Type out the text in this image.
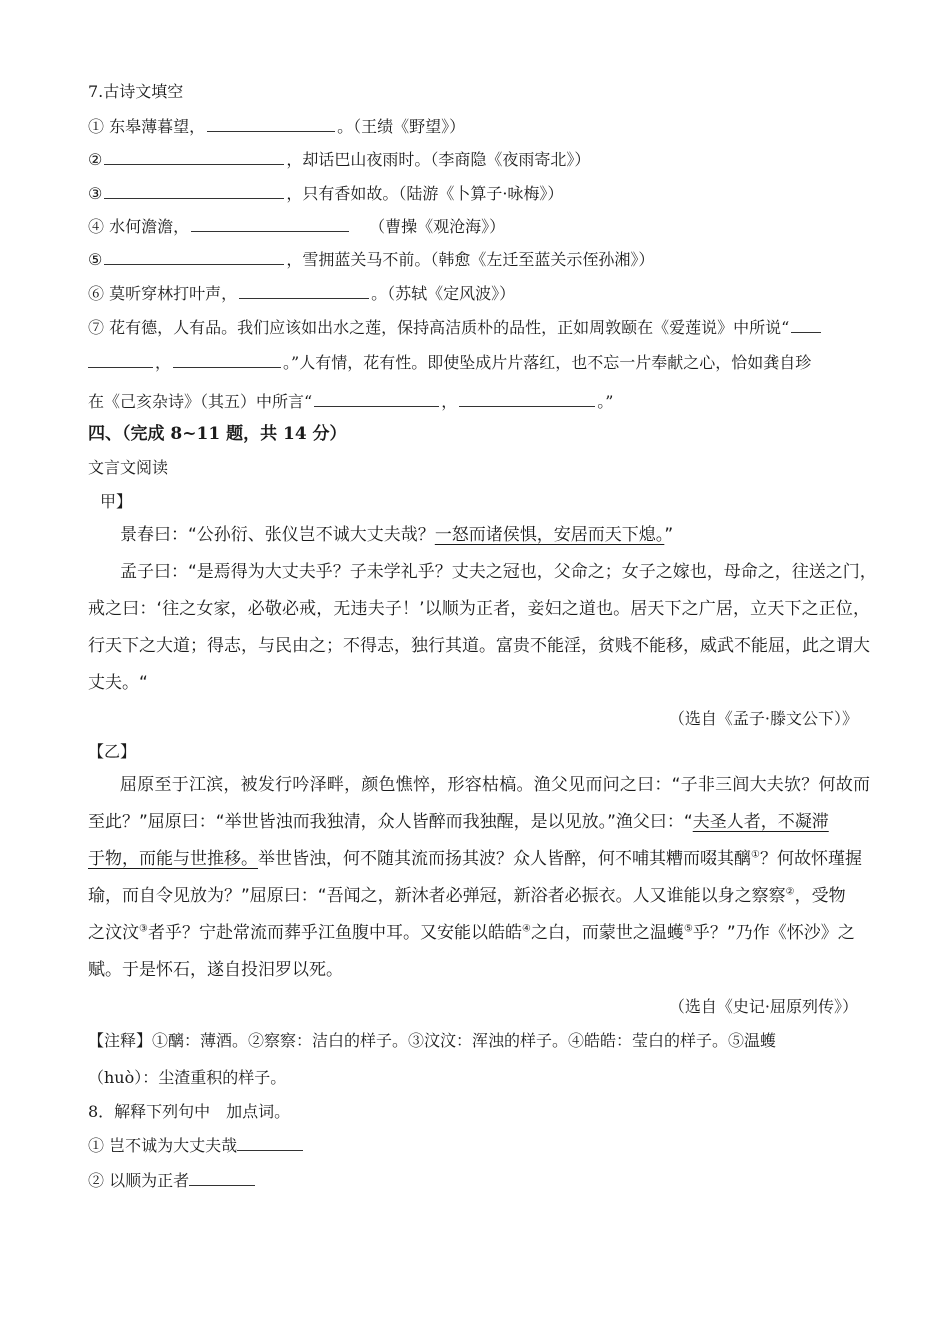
7.古诗文填空
① 东皋薄暮望，	。（王绩《野望》）
②	，却话巴山夜雨时。（李商隐《夜雨寄北》）
③	，只有香如故。（陆游《卜算子·咏梅》）
④ 水何澹澹，	（曹操《观沧海》）
⑤	，雪拥蓝关马不前。（韩愈《左迁至蓝关示侄孙湘》）
⑥ 莫听穿林打叶声，	。（苏轼《定风波》）
⑦ 花有德，人有品。我们应该如出水之莲，保持高洁质朴的品性，正如周敦颐在《爱莲说》中所说“
，	。”人有情，花有性。即使坠成片片落红，也不忘一片奉献之心，恰如龚自珍
在《己亥杂诗》（其五）中所言“	，	。”
四、（完成 8~11 题，共 14 分）
文言文阅读
甲】
景春曰：“公孙衍、张仪岂不诚大丈夫哉？一怒而诸侯惧，安居而天下熄。”
孟子曰：“是焉得为大丈夫乎？子未学礼乎？丈夫之冠也，父命之；女子之嫁也，母命之，往送之门，
戒之曰：‘往之女家，必敬必戒，无违夫子！’以顺为正者，妾妇之道也。居天下之广居，立天下之正位，
行天下之大道；得志，与民由之；不得志，独行其道。富贵不能淫，贫贱不能移，威武不能屈，此之谓大
丈夫。“
（选自《孟子·滕文公下）》
【乙】
屈原至于江滨，被发行吟泽畔，颜色憔悴，形容枯槁。渔父见而问之曰：“子非三闾大夫欤？何故而
至此？”屈原曰：“举世皆浊而我独清，众人皆醉而我独醒，是以见放。”渔父曰：“夫圣人者，不凝滞
于物，而能与世推移。举世皆浊，何不随其流而扬其波？众人皆醉，何不哺其糟而啜其醨①？何故怀瑾握
瑜，而自令见放为？”屈原曰：“吾闻之，新沐者必弹冠，新浴者必振衣。人又谁能以身之察察②，受物
之汶汶③者乎？宁赴常流而葬乎江鱼腹中耳。又安能以皓皓④之白，而蒙世之温蠖⑤乎？”乃作《怀沙》之
赋。于是怀石，遂自投汨罗以死。
（选自《史记·屈原列传》）
【注释】①醨：薄酒。②察察：洁白的样子。③汶汶：浑浊的样子。④皓皓：莹白的样子。⑤温蠖
（huò）：尘渣重积的样子。
8．解释下列句中　加点词。
① 岂不诚为大丈夫哉
② 以顺为正者
